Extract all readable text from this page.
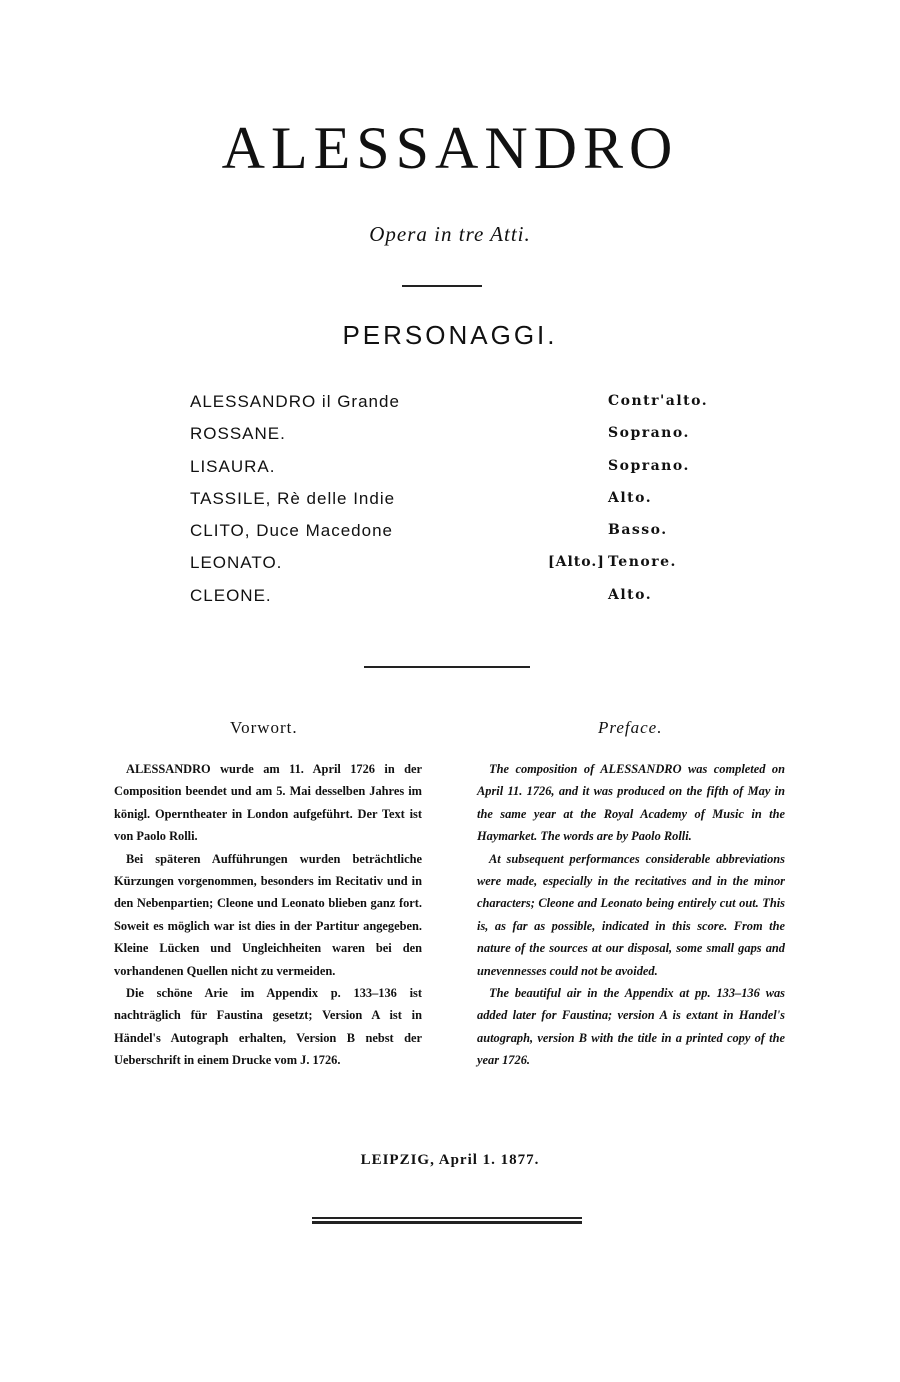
ALESSANDRO
Opera in tre Atti.
PERSONAGGI.
ALESSANDRO il Grande	Contr'alto.
ROSSANE.	Soprano.
LISAURA.	Soprano.
TASSILE, Rè delle Indie	Alto.
CLITO, Duce Macedone	Basso.
LEONATO.	[Alto.] Tenore.
CLEONE.	Alto.
Vorwort.	Preface.

ALESSANDRO wurde am 11. April 1726 in der Composition beendet und am 5. Mai desselben Jahres im königl. Operntheater in London aufgeführt. Der Text ist von Paolo Rolli.

Bei späteren Aufführungen wurden beträchtliche Kürzungen vorgenommen, besonders im Recitativ und in den Nebenpartien; Cleone und Leonato blieben ganz fort. Soweit es möglich war ist dies in der Partitur angegeben. Kleine Lücken und Ungleichheiten waren bei den vorhandenen Quellen nicht zu vermeiden.

Die schöne Arie im Appendix p. 133–136 ist nachträglich für Faustina gesetzt; Version A ist in Händel's Autograph erhalten, Version B nebst der Ueberschrift in einem Drucke vom J. 1726.

The composition of ALESSANDRO was completed on April 11. 1726, and it was produced on the fifth of May in the same year at the Royal Academy of Music in the Haymarket. The words are by Paolo Rolli.

At subsequent performances considerable abbreviations were made, especially in the recitatives and in the minor characters; Cleone and Leonato being entirely cut out. This is, as far as possible, indicated in this score. From the nature of the sources at our disposal, some small gaps and unevennesses could not be avoided.

The beautiful air in the Appendix at pp. 133–136 was added later for Faustina; version A is extant in Handel's autograph, version B with the title in a printed copy of the year 1726.

LEIPZIG, April 1. 1877.
